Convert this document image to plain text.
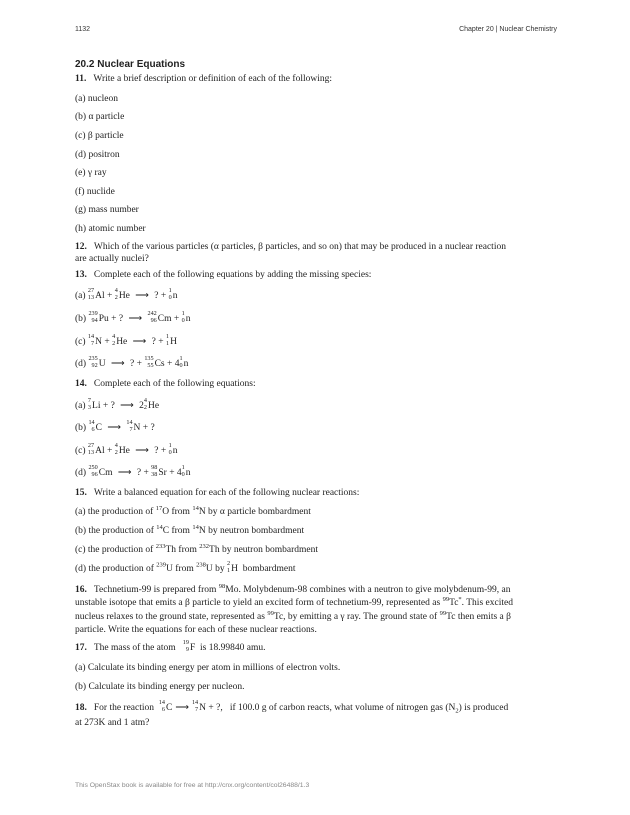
1132	Chapter 20 | Nuclear Chemistry
20.2 Nuclear Equations
11. Write a brief description or definition of each of the following:
(a) nucleon
(b) α particle
(c) β particle
(d) positron
(e) γ ray
(f) nuclide
(g) mass number
(h) atomic number
12. Which of the various particles (α particles, β particles, and so on) that may be produced in a nuclear reaction
are actually nuclei?
13. Complete each of the following equations by adding the missing species:
(a)
27
13 Al +
4
2 He ⟶ ? +
1
0 n
(b)
239
94 Pu + ? ⟶
242
96 Cm +
1
0 n
(c)
14
7 N +
4
2 He ⟶ ? +
1
1 H
(d)
235
92 U ⟶ ? +
135
55 Cs + 4
1
0 n
14. Complete each of the following equations:
(a)
7
3 Li + ? ⟶ 2
4
2 He
(b)
14
6 C ⟶
14
7 N + ?
(c)
27
13 Al +
4
2 He ⟶ ? +
1
0 n
(d)
250
96 Cm ⟶ ? +
98
38 Sr + 4
1
0 n
15. Write a balanced equation for each of the following nuclear reactions:
(a) the production of $^{17}$O from $^{14}$N by α particle bombardment
(b) the production of $^{14}$C from $^{14}$N by neutron bombardment
(c) the production of $^{233}$Th from $^{232}$Th by neutron bombardment
(d) the production of $^{239}$U from $^{238}$U by
2
1 H bombardment
16. Technetium-99 is prepared from $^{98}$Mo. Molybdenum-98 combines with a neutron to give molybdenum-99, an
unstable isotope that emits a β particle to yield an excited form of technetium-99, represented as $^{99}$Tc*. This excited
nucleus relaxes to the ground state, represented as $^{99}$Tc, by emitting a γ ray. The ground state of $^{99}$Tc then emits a β
particle. Write the equations for each of these nuclear reactions.
17. The mass of the atom
19
9 F is 18.99840 amu.
(a) Calculate its binding energy per atom in millions of electron volts.
(b) Calculate its binding energy per nucleon.
18. For the reaction
14
6 C ⟶
14
7 N + ?, if 100.0 g of carbon reacts, what volume of nitrogen gas $(N_2)$ is produced
at 273K and 1 atm?
This OpenStax book is available for free at http://cnx.org/content/col26488/1.3
